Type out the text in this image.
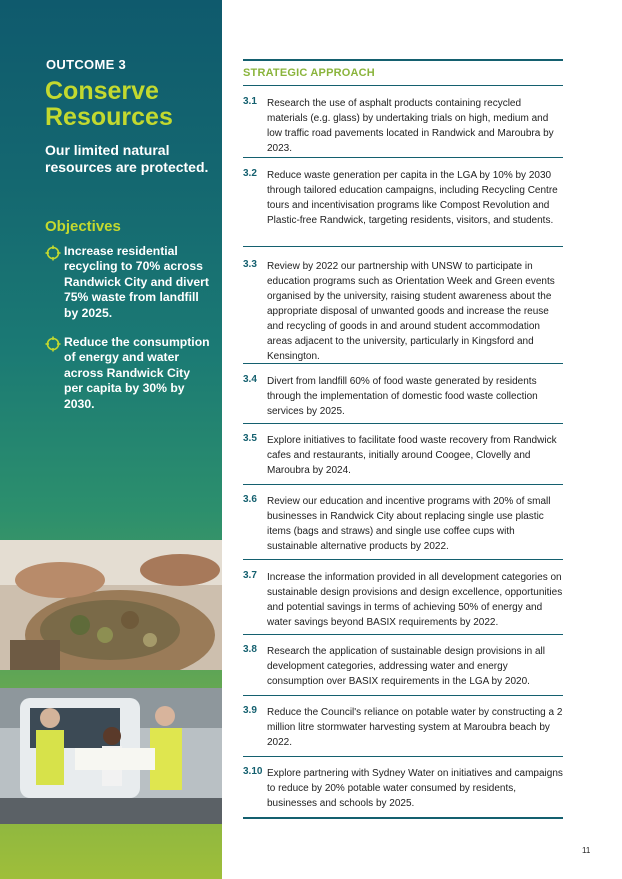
OUTCOME 3
Conserve Resources
Our limited natural resources are protected.
Objectives
Increase residential recycling to 70% across Randwick City and divert 75% waste from landfill by 2025.
Reduce the consumption of energy and water across Randwick City per capita by 30% by 2030.
STRATEGIC APPROACH
3.1 Research the use of asphalt products containing recycled materials (e.g. glass) by undertaking trials on high, medium and low traffic road pavements located in Randwick and Maroubra by 2023.
3.2 Reduce waste generation per capita in the LGA by 10% by 2030 through tailored education campaigns, including Recycling Centre tours and incentivisation programs like Compost Revolution and Plastic-free Randwick, targeting residents, visitors, and students.
3.3 Review by 2022 our partnership with UNSW to participate in education programs such as Orientation Week and Green events organised by the university, raising student awareness about the appropriate disposal of unwanted goods and increase the reuse and recycling of goods in and around student accommodation areas adjacent to the university, particularly in Kingsford and Kensington.
3.4 Divert from landfill 60% of food waste generated by residents through the implementation of domestic food waste collection services by 2025.
3.5 Explore initiatives to facilitate food waste recovery from Randwick cafes and restaurants, initially around Coogee, Clovelly and Maroubra by 2024.
3.6 Review our education and incentive programs with 20% of small businesses in Randwick City about replacing single use plastic items (bags and straws) and single use coffee cups with sustainable alternative products by 2022.
3.7 Increase the information provided in all development categories on sustainable design provisions and design excellence, opportunities and potential savings in terms of achieving 50% of energy and water savings beyond BASIX requirements by 2022.
3.8 Research the application of sustainable design provisions in all development categories, addressing water and energy consumption over BASIX requirements in the LGA by 2020.
3.9 Reduce the Council's reliance on potable water by constructing a 2 million litre stormwater harvesting system at Maroubra beach by 2022.
3.10 Explore partnering with Sydney Water on initiatives and campaigns to reduce by 20% potable water consumed by residents, businesses and schools by 2025.
11
